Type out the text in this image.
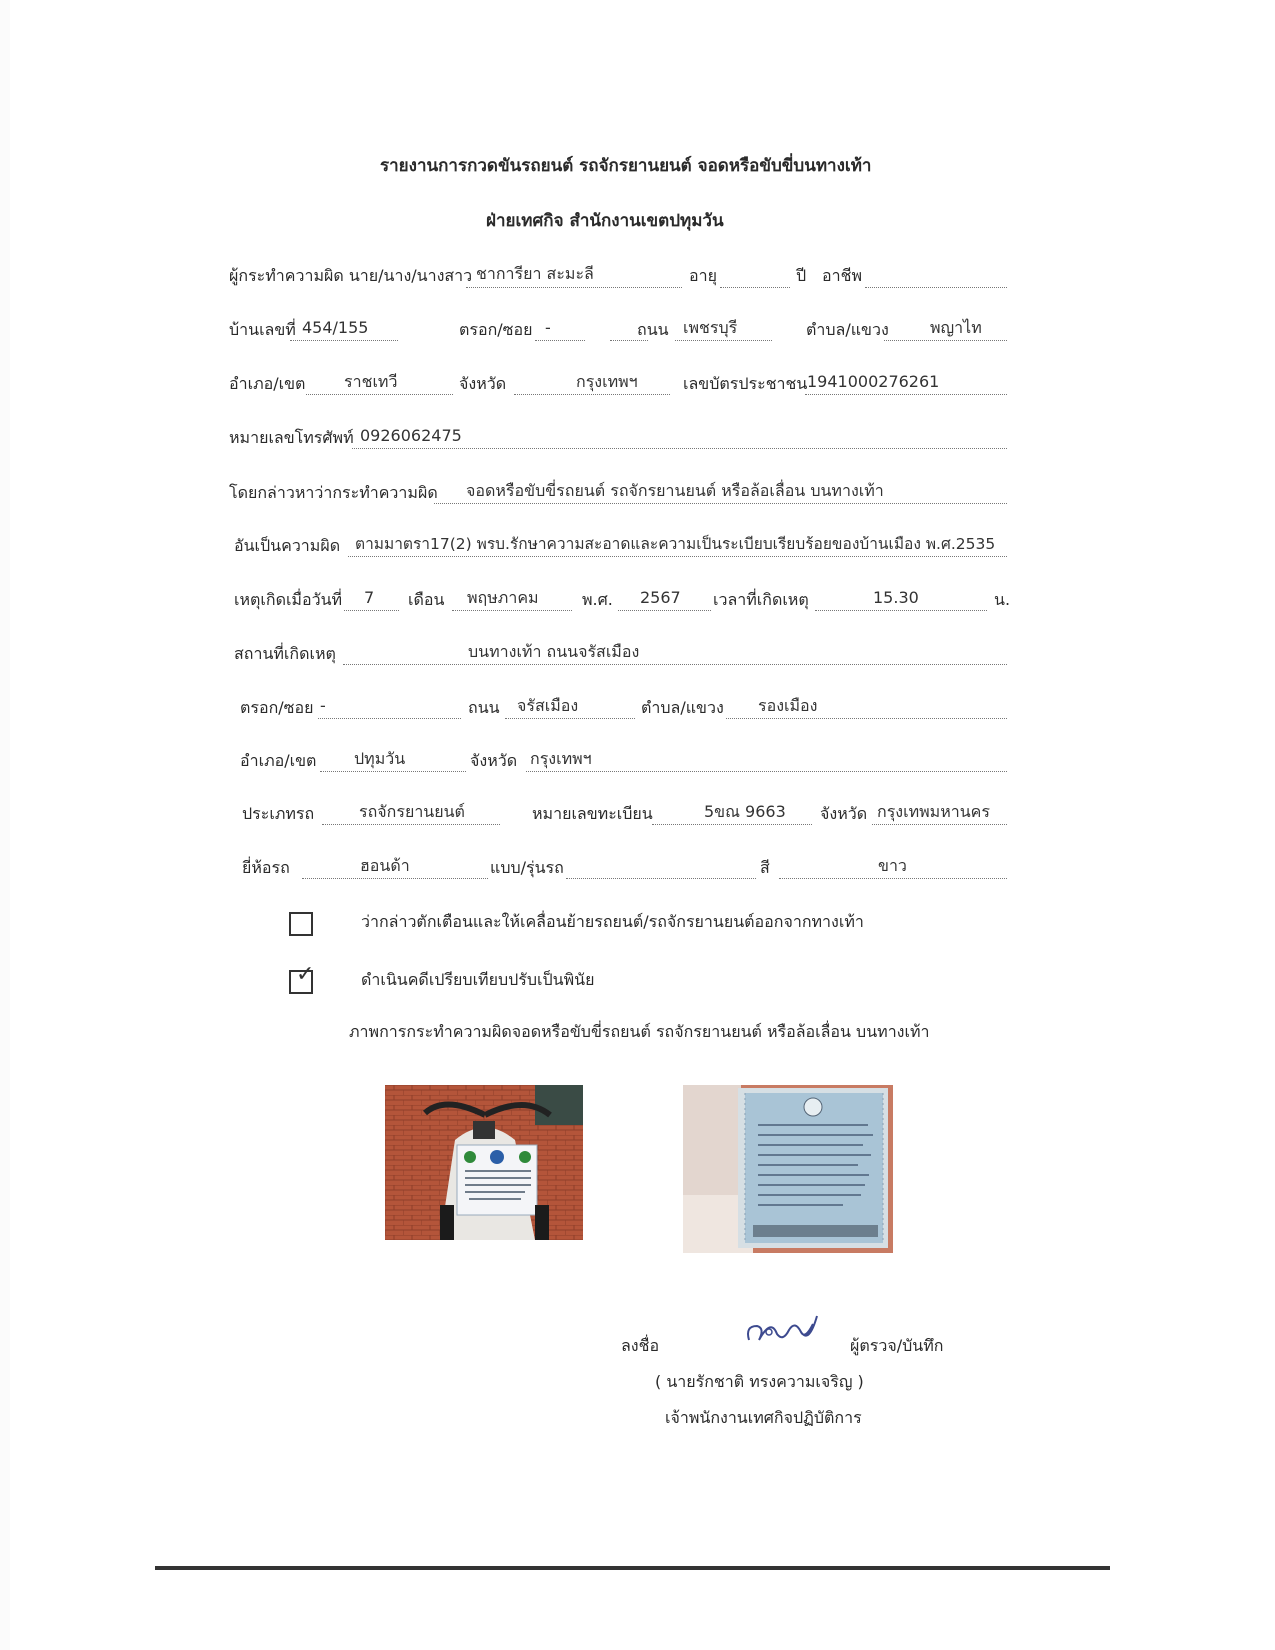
รายงานการกวดขันรถยนต์ รถจักรยานยนต์ จอดหรือขับขี่บนทางเท้า
ฝ่ายเทศกิจ สำนักงานเขตปทุมวัน
ผู้กระทำความผิด นาย/นาง/นางสาว ชาการียา สะมะลี	อายุ	ปี อาชีพ
บ้านเลขที่ 454/155	ตรอก/ซอย -	ถนน เพชรบุรี	ตำบล/แขวง	พญาไท
อำเภอ/เขต ราชเทวี	จังหวัด	กรุงเทพฯ	เลขบัตรประชาชน 1941000276261
หมายเลขโทรศัพท์ 0926062475
โดยกล่าวหาว่ากระทำความผิด จอดหรือขับขี่รถยนต์ รถจักรยานยนต์ หรือล้อเลื่อน บนทางเท้า
อันเป็นความผิด ตามมาตรา17(2) พรบ.รักษาความสะอาดและความเป็นระเบียบเรียบร้อยของบ้านเมือง พ.ศ.2535
เหตุเกิดเมื่อวันที่ 7 เดือน พฤษภาคม	พ.ศ. 2567 เวลาที่เกิดเหตุ	15.30	น.
สถานที่เกิดเหตุ	บนทางเท้า ถนนจรัสเมือง
ตรอก/ซอย -	ถนน จรัสเมือง	ตำบล/แขวง รองเมือง
อำเภอ/เขต ปทุมวัน	จังหวัด กรุงเทพฯ
ประเภทรถ	รถจักรยานยนต์	หมายเลขทะเบียน	5ขณ 9663 จังหวัด กรุงเทพมหานคร
ยี่ห้อรถ	ฮอนด้า	แบบ/รุ่นรถ	สี	ขาว
ว่ากล่าวตักเตือนและให้เคลื่อนย้ายรถยนต์/รถจักรยานยนต์ออกจากทางเท้า
✓	ดำเนินคดีเปรียบเทียบปรับเป็นพินัย
ภาพการกระทำความผิดจอดหรือขับขี่รถยนต์ รถจักรยานยนต์ หรือล้อเลื่อน บนทางเท้า
ลงชื่อ	ผู้ตรวจ/บันทึก
( นายรักชาติ ทรงความเจริญ )
เจ้าพนักงานเทศกิจปฏิบัติการ
